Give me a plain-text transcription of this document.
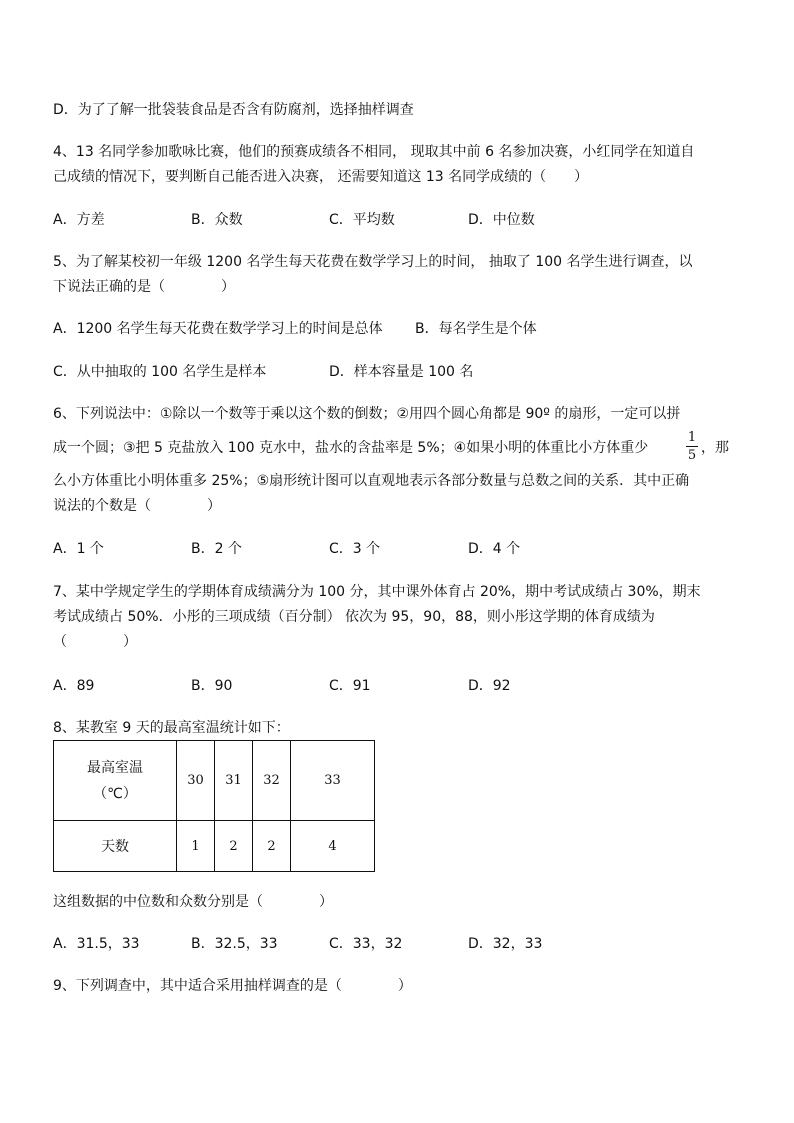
D．为了了解一批袋装食品是否含有防腐剂，选择抽样调查
4、13 名同学参加歌咏比赛，他们的预赛成绩各不相同， 现取其中前 6 名参加决赛，小红同学在知道自
己成绩的情况下，要判断自己能否进入决赛， 还需要知道这 13 名同学成绩的（　　）
A．方差	B．众数	C．平均数	D．中位数
5、为了解某校初一年级 1200 名学生每天花费在数学学习上的时间， 抽取了 100 名学生进行调查，以
下说法正确的是（　　　　）
A．1200 名学生每天花费在数学学习上的时间是总体 B．每名学生是个体
C．从中抽取的 100 名学生是样本	D．样本容量是 100 名
6、下列说法中：①除以一个数等于乘以这个数的倒数；②用四个圆心角都是 90º 的扇形，一定可以拼
成一个圆；③把 5 克盐放入 100 克水中，盐水的含盐率是 5%；④如果小明的体重比小方体重少
1
5 ，那
么小方体重比小明体重多 25%；⑤扇形统计图可以直观地表示各部分数量与总数之间的关系．其中正确
说法的个数是（　　　　）
A．1 个	B．2 个	C．3 个	D．4 个
7、某中学规定学生的学期体育成绩满分为 100 分，其中课外体育占 20%，期中考试成绩占 30%，期末
考试成绩占 50%．小彤的三项成绩（百分制） 依次为 95，90，88，则小彤这学期的体育成绩为
（　　　　）
A．89	B．90	C．91	D．92
8、某教室 9 天的最高室温统计如下：
最高室温
（℃）	30	31	32	33
天数	1	2	2	4
这组数据的中位数和众数分别是（　　　　）
A．31.5，33	B．32.5，33	C．33，32	D．32，33
9、下列调查中，其中适合采用抽样调查的是（　　　　）
